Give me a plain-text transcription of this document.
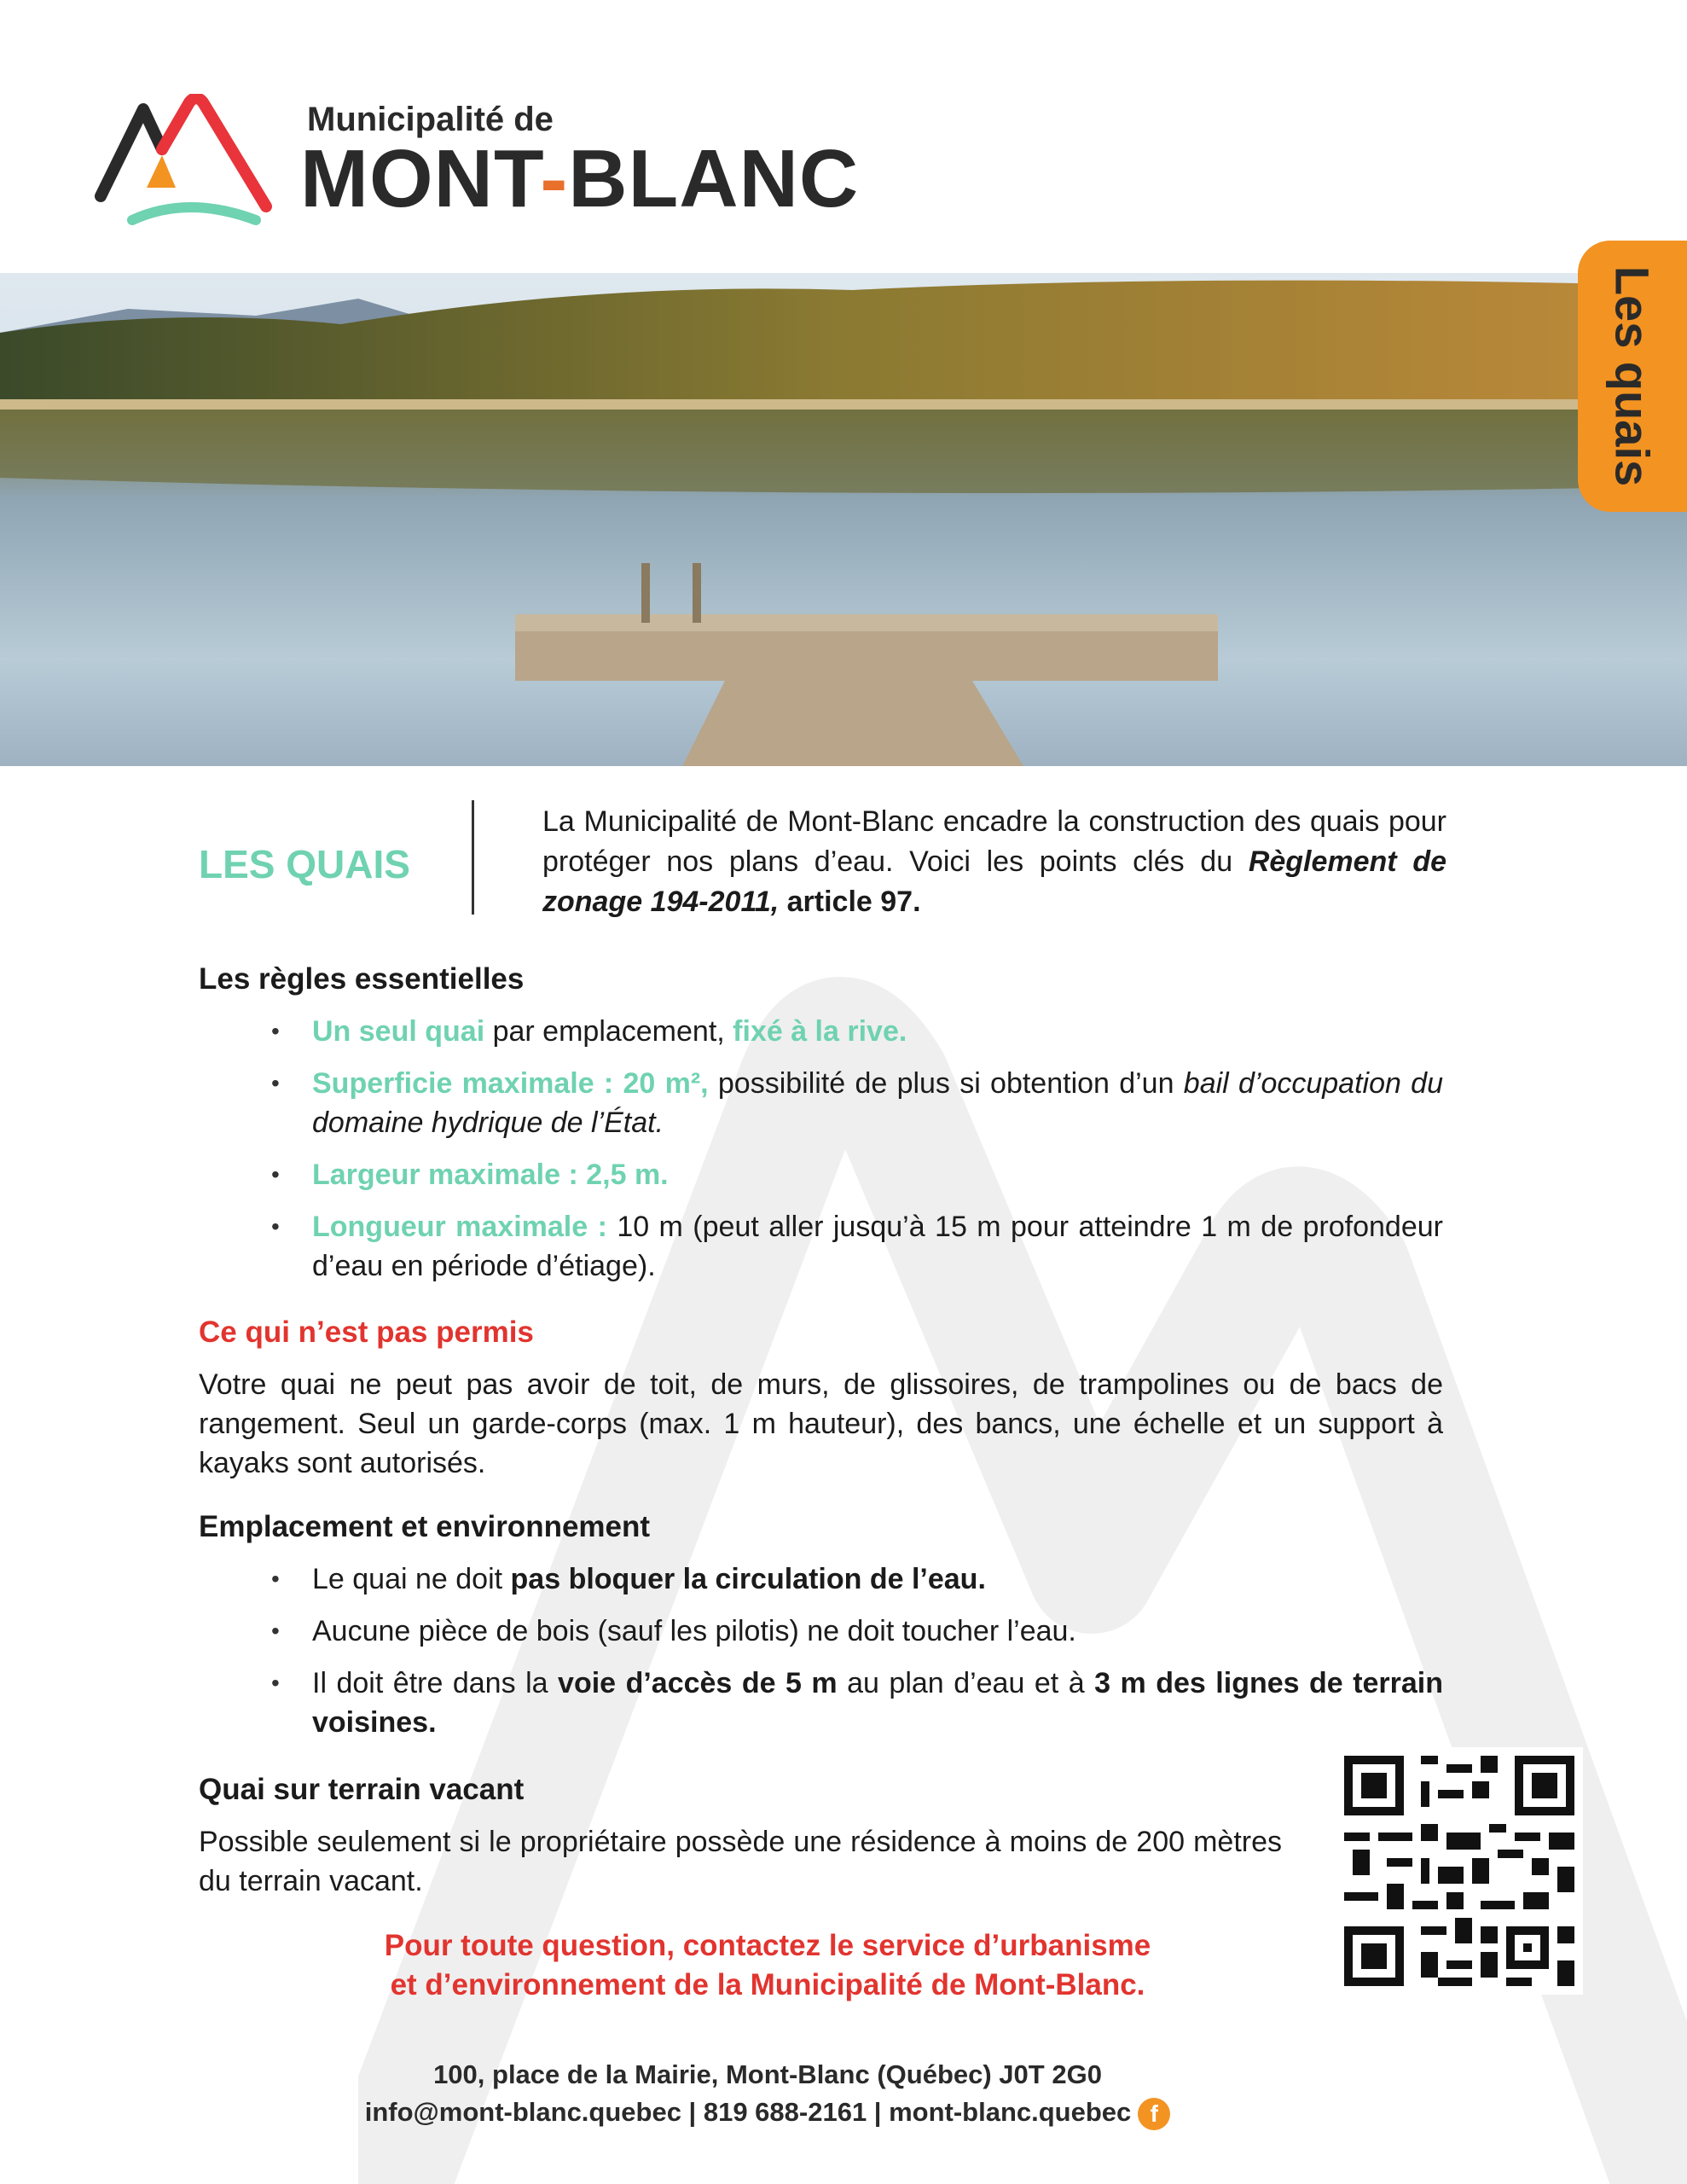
Municipalité de
MONT-BLANC
Les quais
LES QUAIS
La Municipalité de Mont-Blanc encadre la construction des quais pour protéger nos plans d’eau. Voici les points clés du Règlement de zonage 194-2011, article 97.
Les règles essentielles
• Un seul quai par emplacement, fixé à la rive.
• Superficie maximale : 20 m², possibilité de plus si obtention d’un bail d’occupation du domaine hydrique de l’État.
• Largeur maximale : 2,5 m.
• Longueur maximale : 10 m (peut aller jusqu’à 15 m pour atteindre 1 m de profondeur d’eau en période d’étiage).
Ce qui n’est pas permis
Votre quai ne peut pas avoir de toit, de murs, de glissoires, de trampolines ou de bacs de rangement. Seul un garde-corps (max. 1 m hauteur), des bancs, une échelle et un support à kayaks sont autorisés.
Emplacement et environnement
• Le quai ne doit pas bloquer la circulation de l’eau.
• Aucune pièce de bois (sauf les pilotis) ne doit toucher l’eau.
• Il doit être dans la voie d’accès de 5 m au plan d’eau et à 3 m des lignes de terrain voisines.
Quai sur terrain vacant
Possible seulement si le propriétaire possède une résidence à moins de 200 mètres du terrain vacant.
Pour toute question, contactez le service d’urbanisme
et d’environnement de la Municipalité de Mont-Blanc.
100, place de la Mairie, Mont-Blanc (Québec) J0T 2G0
info@mont-blanc.quebec | 819 688-2161 | mont-blanc.quebec f
